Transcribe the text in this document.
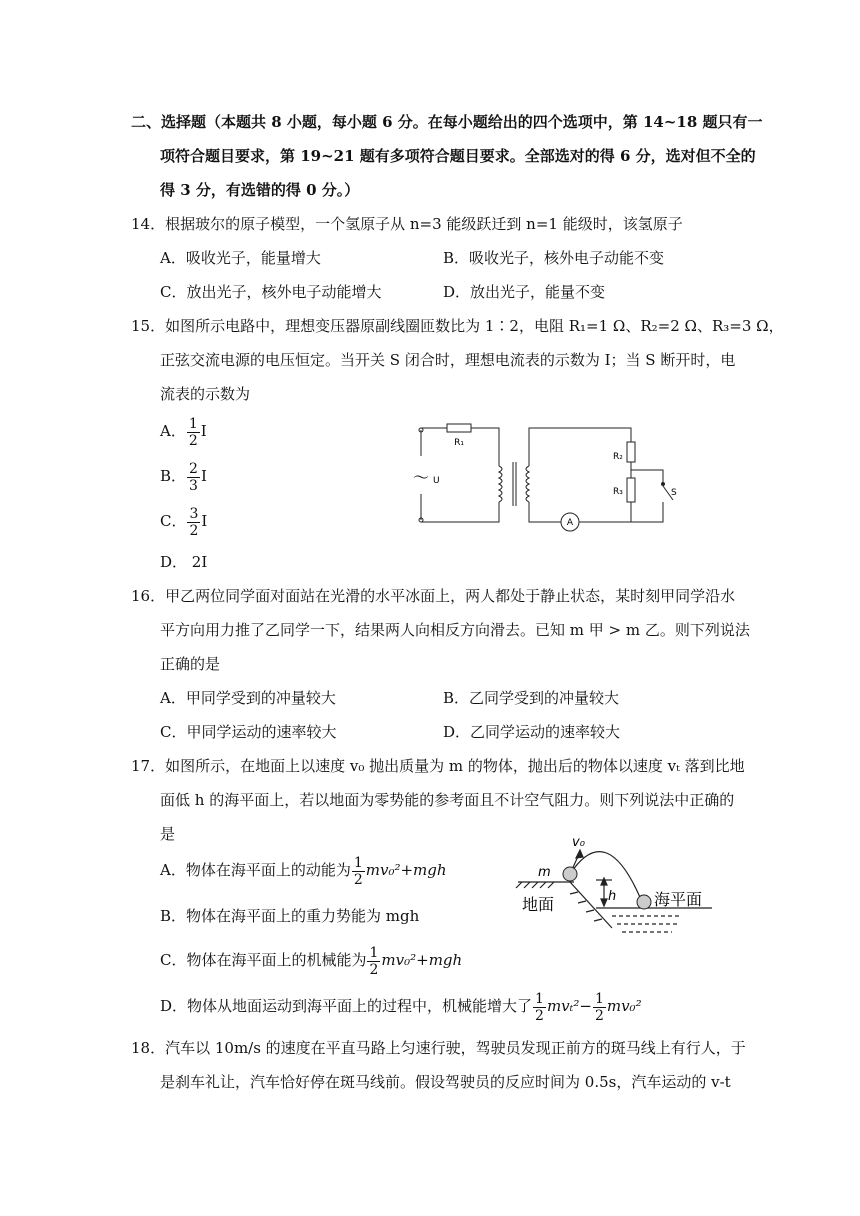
二、选择题（本题共 8 小题，每小题 6 分。在每小题给出的四个选项中，第 14~18 题只有一
项符合题目要求，第 19~21 题有多项符合题目要求。全部选对的得 6 分，选对但不全的
得 3 分，有选错的得 0 分。）
14．根据玻尔的原子模型，一个氢原子从 n=3 能级跃迁到 n=1 能级时，该氢原子
A．吸收光子，能量增大	B．吸收光子，核外电子动能不变
C．放出光子，核外电子动能增大	D．放出光子，能量不变
15．如图所示电路中，理想变压器原副线圈匝数比为 1∶2，电阻 R₁=1 Ω、R₂=2 Ω、R₃=3 Ω，
正弦交流电源的电压恒定。当开关 S 闭合时，理想电流表的示数为 I；当 S 断开时，电
流表的示数为
A． $\frac{1}{2}$ I
B． $\frac{2}{3}$ I
C． $\frac{3}{2}$ I
D． 2I
R₁
R₂
R₃	S
A
～ U
16．甲乙两位同学面对面站在光滑的水平冰面上，两人都处于静止状态，某时刻甲同学沿水
平方向用力推了乙同学一下，结果两人向相反方向滑去。已知 m 甲 > m 乙。则下列说法
正确的是
A．甲同学受到的冲量较大	B．乙同学受到的冲量较大
C．甲同学运动的速率较大	D．乙同学运动的速率较大
17．如图所示，在地面上以速度 v₀ 抛出质量为 m 的物体，抛出后的物体以速度 vₜ 落到比地
面低 h 的海平面上，若以地面为零势能的参考面且不计空气阻力。则下列说法中正确的
是
A．物体在海平面上的动能为 $\frac{1}{2} mv_0^2+mgh$
B．物体在海平面上的重力势能为 mgh
C．物体在海平面上的机械能为 $\frac{1}{2} mv_0^2+mgh$
D．物体从地面运动到海平面上的过程中，机械能增大了 $\frac{1}{2} mv_t^2- \frac{1}{2} mv_0^2$
v₀
m
h
地面	海平面
18．汽车以 10m/s 的速度在平直马路上匀速行驶，驾驶员发现正前方的斑马线上有行人，于
是刹车礼让，汽车恰好停在斑马线前。假设驾驶员的反应时间为 0.5s，汽车运动的 v-t
